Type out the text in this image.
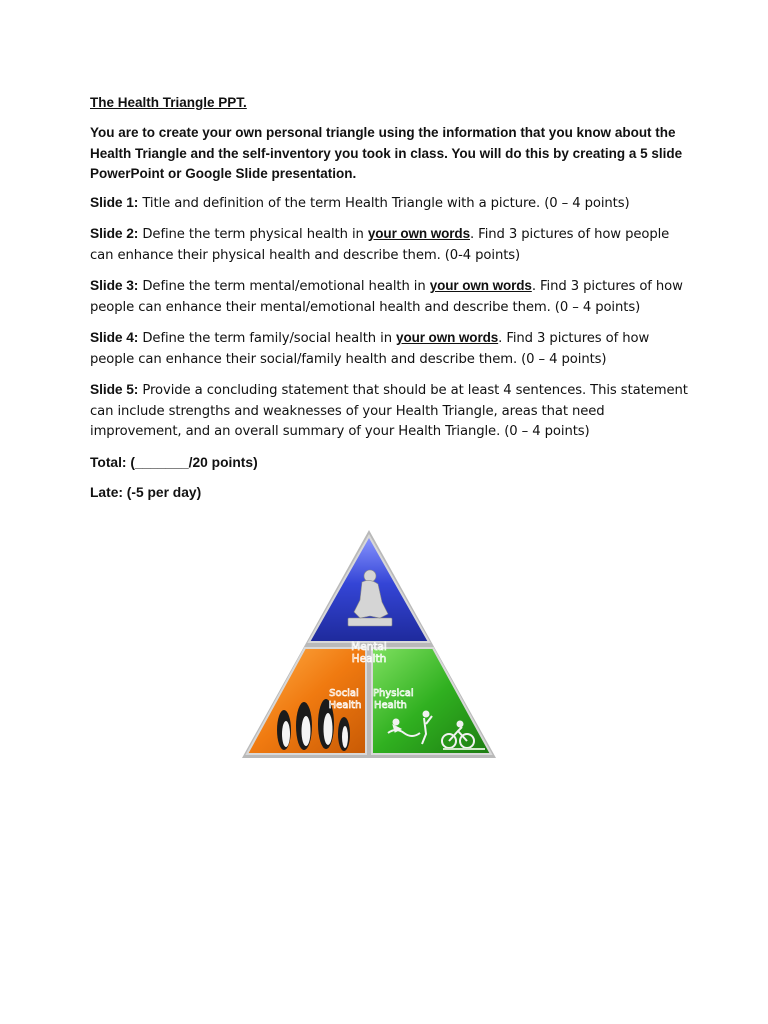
The Health Triangle PPT.

You are to create your own personal triangle using the information that you know about the Health Triangle and the self-inventory you took in class. You will do this by creating a 5 slide PowerPoint or Google Slide presentation.

Slide 1: Title and definition of the term Health Triangle with a picture. (0 – 4 points)

Slide 2: Define the term physical health in your own words. Find 3 pictures of how people can enhance their physical health and describe them. (0-4 points)

Slide 3: Define the term mental/emotional health in your own words. Find 3 pictures of how people can enhance their mental/emotional health and describe them. (0 – 4 points)

Slide 4: Define the term family/social health in your own words. Find 3 pictures of how people can enhance their social/family health and describe them. (0 – 4 points)

Slide 5: Provide a concluding statement that should be at least 4 sentences. This statement can include strengths and weaknesses of your Health Triangle, areas that need improvement, and an overall summary of your Health Triangle. (0 – 4 points)

Total: (_______/20 points)

Late: (-5 per day)

Mental
Health
Social
Health
Physical
Health
